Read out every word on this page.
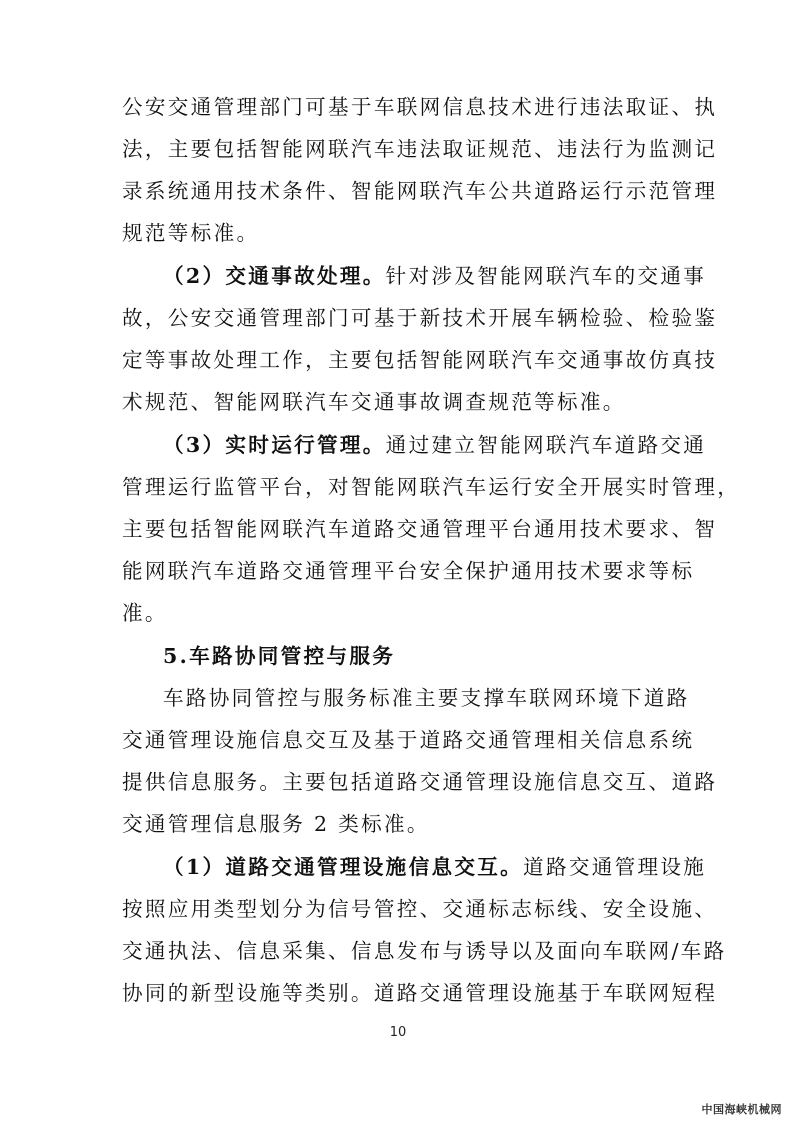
公安交通管理部门可基于车联网信息技术进行违法取证、执
法，主要包括智能网联汽车违法取证规范、违法行为监测记
录系统通用技术条件、智能网联汽车公共道路运行示范管理
规范等标准。
（2）交通事故处理。针对涉及智能网联汽车的交通事
故，公安交通管理部门可基于新技术开展车辆检验、检验鉴
定等事故处理工作，主要包括智能网联汽车交通事故仿真技
术规范、智能网联汽车交通事故调查规范等标准。
（3）实时运行管理。通过建立智能网联汽车道路交通
管理运行监管平台，对智能网联汽车运行安全开展实时管理，
主要包括智能网联汽车道路交通管理平台通用技术要求、智
能网联汽车道路交通管理平台安全保护通用技术要求等标
准。
5.车路协同管控与服务
车路协同管控与服务标准主要支撑车联网环境下道路
交通管理设施信息交互及基于道路交通管理相关信息系统
提供信息服务。主要包括道路交通管理设施信息交互、道路
交通管理信息服务 2 类标准。
（1）道路交通管理设施信息交互。道路交通管理设施
按照应用类型划分为信号管控、交通标志标线、安全设施、
交通执法、信息采集、信息发布与诱导以及面向车联网/车路
协同的新型设施等类别。道路交通管理设施基于车联网短程
10
中国海峡机械网
